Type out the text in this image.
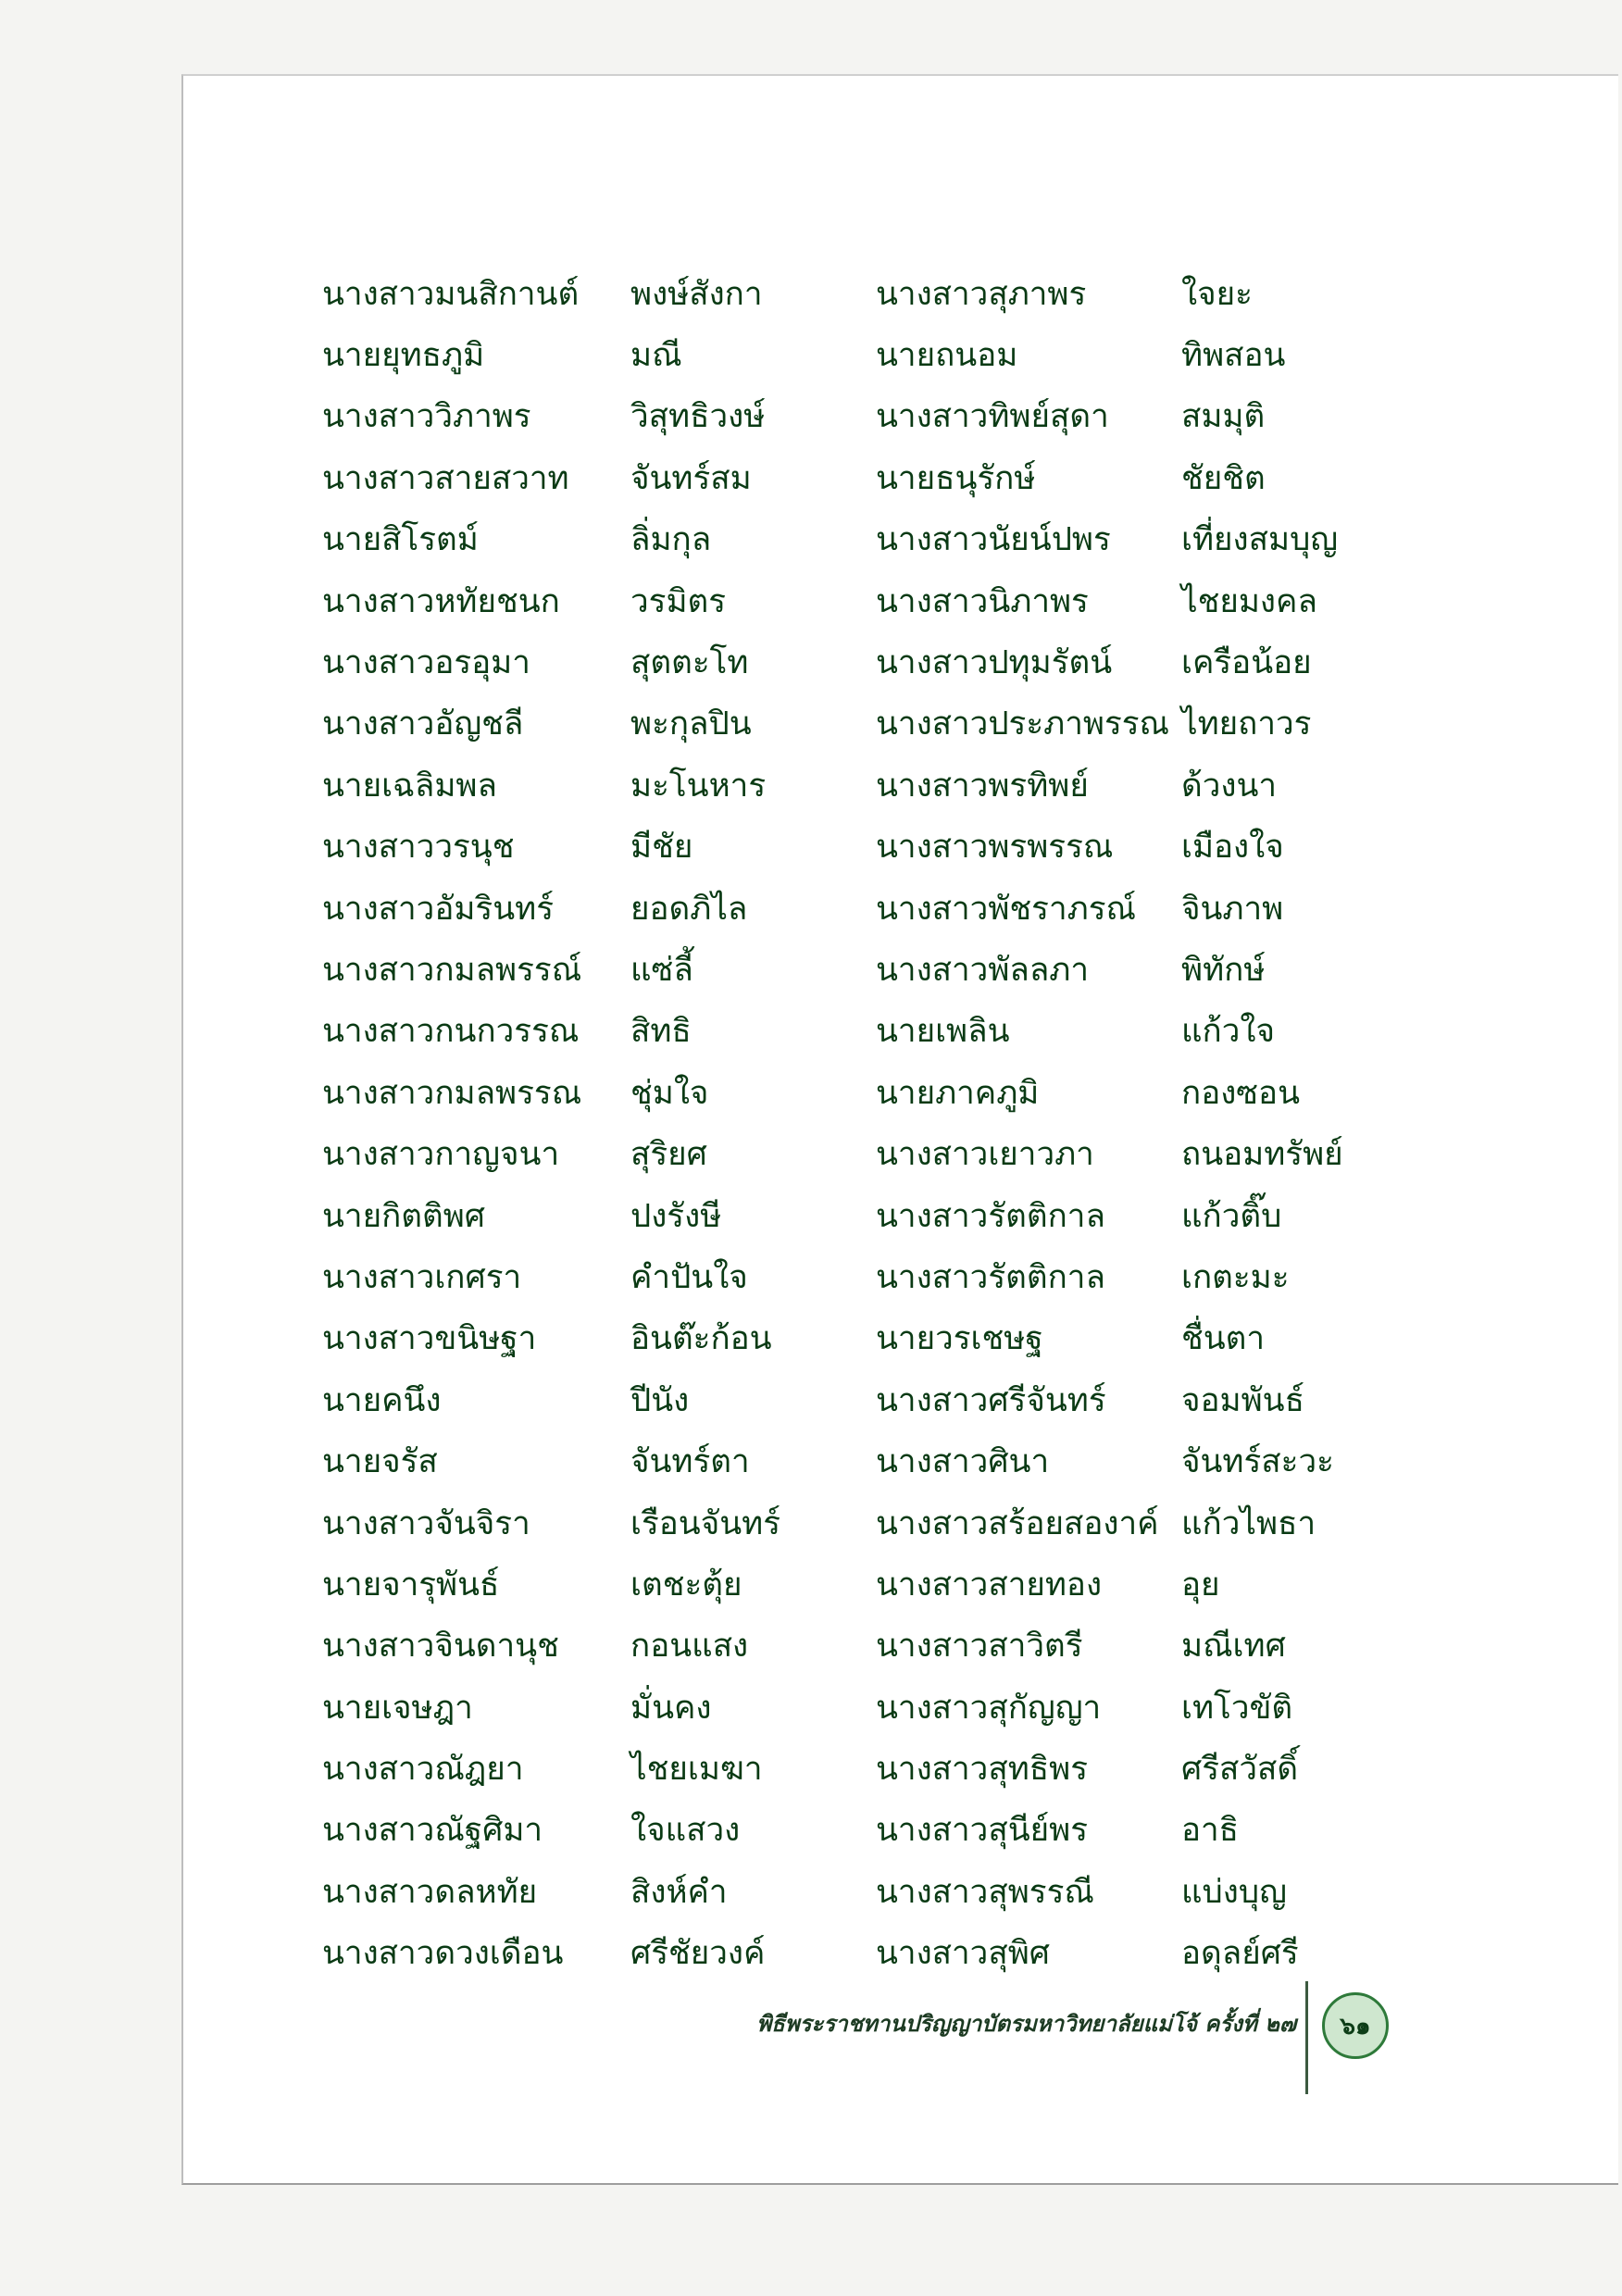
นางสาวมนสิกานต์	พงษ์สังกา	นางสาวสุภาพร	ใจยะ
นายยุทธภูมิ	มณี	นายถนอม	ทิพสอน
นางสาววิภาพร	วิสุทธิวงษ์	นางสาวทิพย์สุดา	สมมุติ
นางสาวสายสวาท	จันทร์สม	นายธนุรักษ์	ชัยชิต
นายสิโรตม์	ลิ่มกุล	นางสาวนัยน์ปพร	เที่ยงสมบุญ
นางสาวหทัยชนก	วรมิตร	นางสาวนิภาพร	ไชยมงคล
นางสาวอรอุมา	สุตตะโท	นางสาวปทุมรัตน์	เครือน้อย
นางสาวอัญชลี	พะกุลปิน	นางสาวประภาพรรณ	ไทยถาวร
นายเฉลิมพล	มะโนหาร	นางสาวพรทิพย์	ด้วงนา
นางสาววรนุช	มีชัย	นางสาวพรพรรณ	เมืองใจ
นางสาวอัมรินทร์	ยอดภิไล	นางสาวพัชราภรณ์	จินภาพ
นางสาวกมลพรรณ์	แซ่ลี้	นางสาวพัลลภา	พิทักษ์
นางสาวกนกวรรณ	สิทธิ	นายเพลิน	แก้วใจ
นางสาวกมลพรรณ	ชุ่มใจ	นายภาคภูมิ	กองซอน
นางสาวกาญจนา	สุริยศ	นางสาวเยาวภา	ถนอมทรัพย์
นายกิตติพศ	ปงรังษี	นางสาวรัตติกาล	แก้วติ๊บ
นางสาวเกศรา	คำปันใจ	นางสาวรัตติกาล	เกตะมะ
นางสาวขนิษฐา	อินต๊ะก้อน	นายวรเชษฐ	ชื่นตา
นายคนึง	ปีนัง	นางสาวศรีจันทร์	จอมพันธ์
นายจรัส	จันทร์ตา	นางสาวศินา	จันทร์สะวะ
นางสาวจันจิรา	เรือนจันทร์	นางสาวสร้อยสองาค์	แก้วไพธา
นายจารุพันธ์	เตชะตุ้ย	นางสาวสายทอง	อุย
นางสาวจินดานุช	กอนแสง	นางสาวสาวิตรี	มณีเทศ
นายเจษฎา	มั่นคง	นางสาวสุกัญญา	เทโวขัติ
นางสาวณัฎยา	ไชยเมฆา	นางสาวสุทธิพร	ศรีสวัสดิ์
นางสาวณัฐศิมา	ใจแสวง	นางสาวสุนีย์พร	อาธิ
นางสาวดลหทัย	สิงห์คำ	นางสาวสุพรรณี	แบ่งบุญ
นางสาวดวงเดือน	ศรีชัยวงค์	นางสาวสุพิศ	อดุลย์ศรี
พิธีพระราชทานปริญญาบัตรมหาวิทยาลัยแม่โจ้ ครั้งที่ ๒๗	๖๑
